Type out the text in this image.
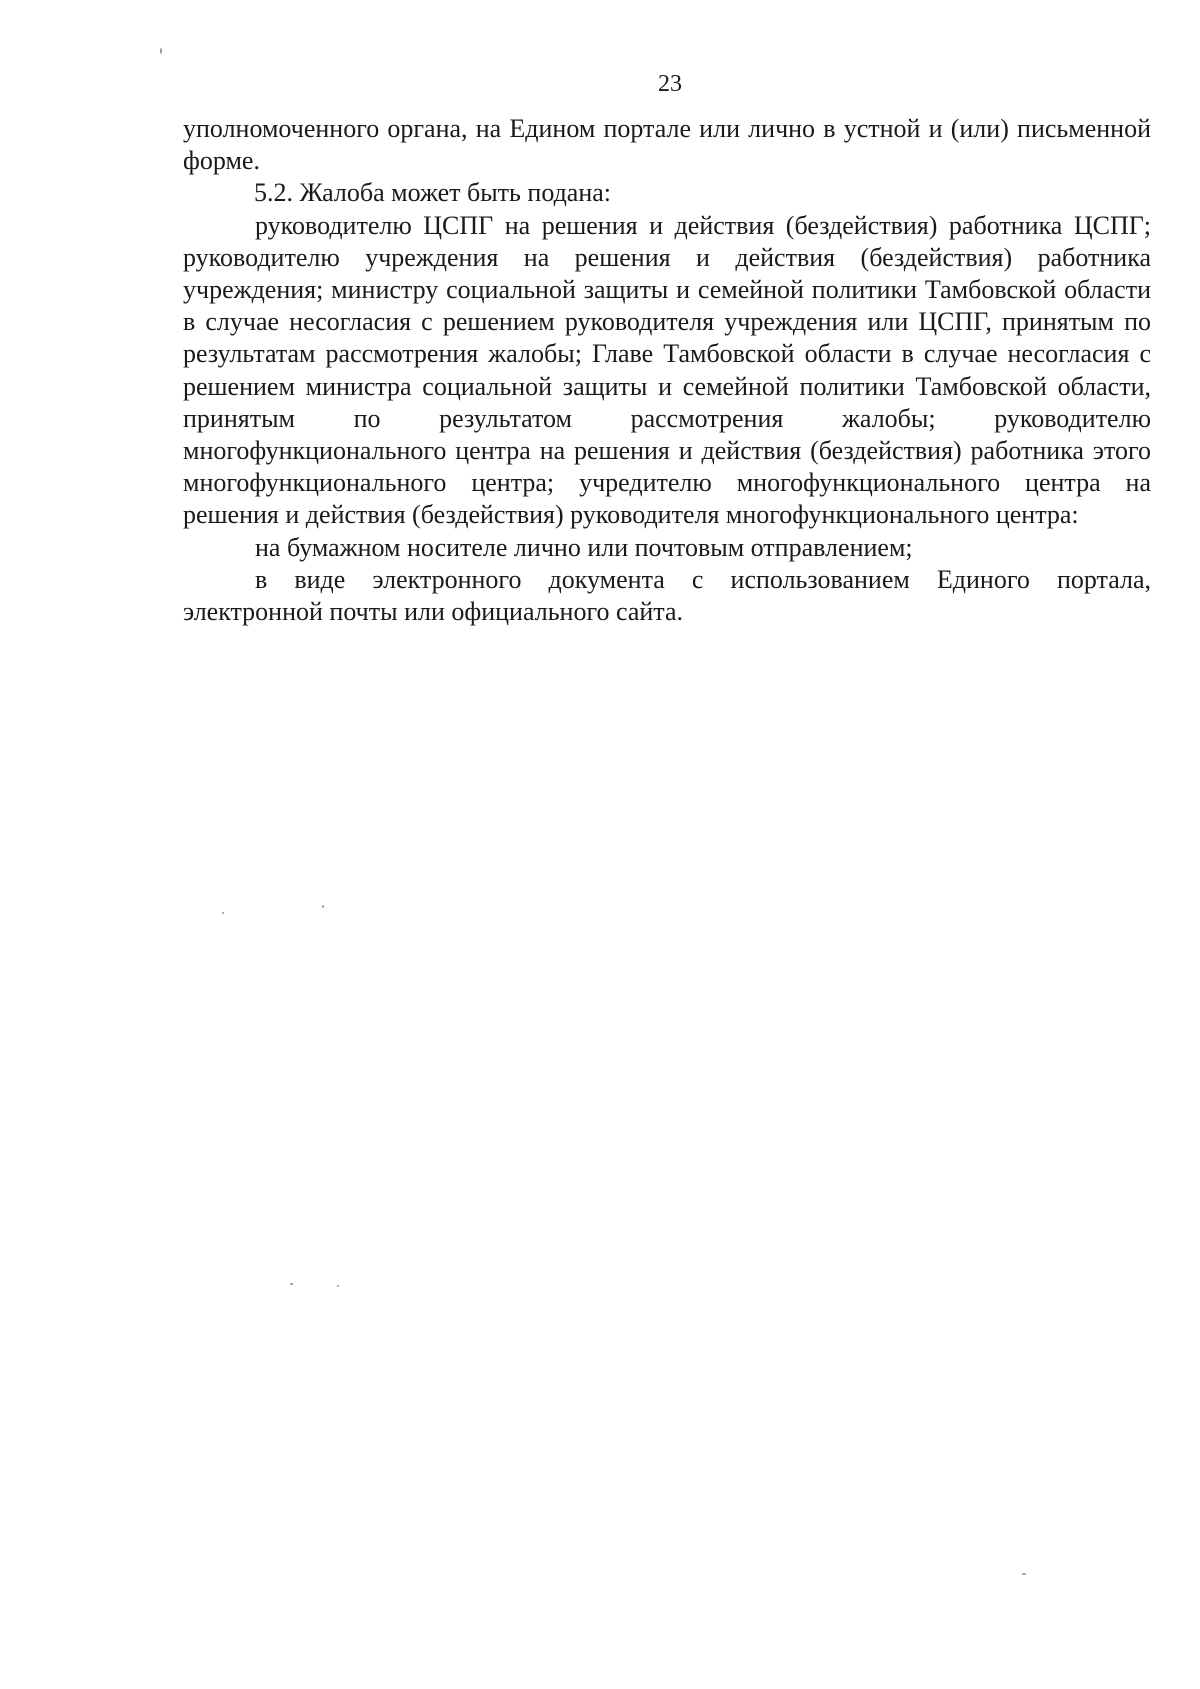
23

уполномоченного органа, на Едином портале или лично в устной и (или) письменной форме.

5.2. Жалоба может быть подана:

руководителю ЦСПГ на решения и действия (бездействия) работника ЦСПГ; руководителю учреждения на решения и действия (бездействия) работника учреждения; министру социальной защиты и семейной политики Тамбовской области в случае несогласия с решением руководителя учреждения или ЦСПГ, принятым по результатам рассмотрения жалобы; Главе Тамбовской области в случае несогласия с решением министра социальной защиты и семейной политики Тамбовской области, принятым по результатом рассмотрения жалобы; руководителю многофункционального центра на решения и действия (бездействия) работника этого многофункционального центра; учредителю многофункционального центра на решения и действия (бездействия) руководителя многофункционального центра:

на бумажном носителе лично или почтовым отправлением;

в виде электронного документа с использованием Единого портала, электронной почты или официального сайта.
